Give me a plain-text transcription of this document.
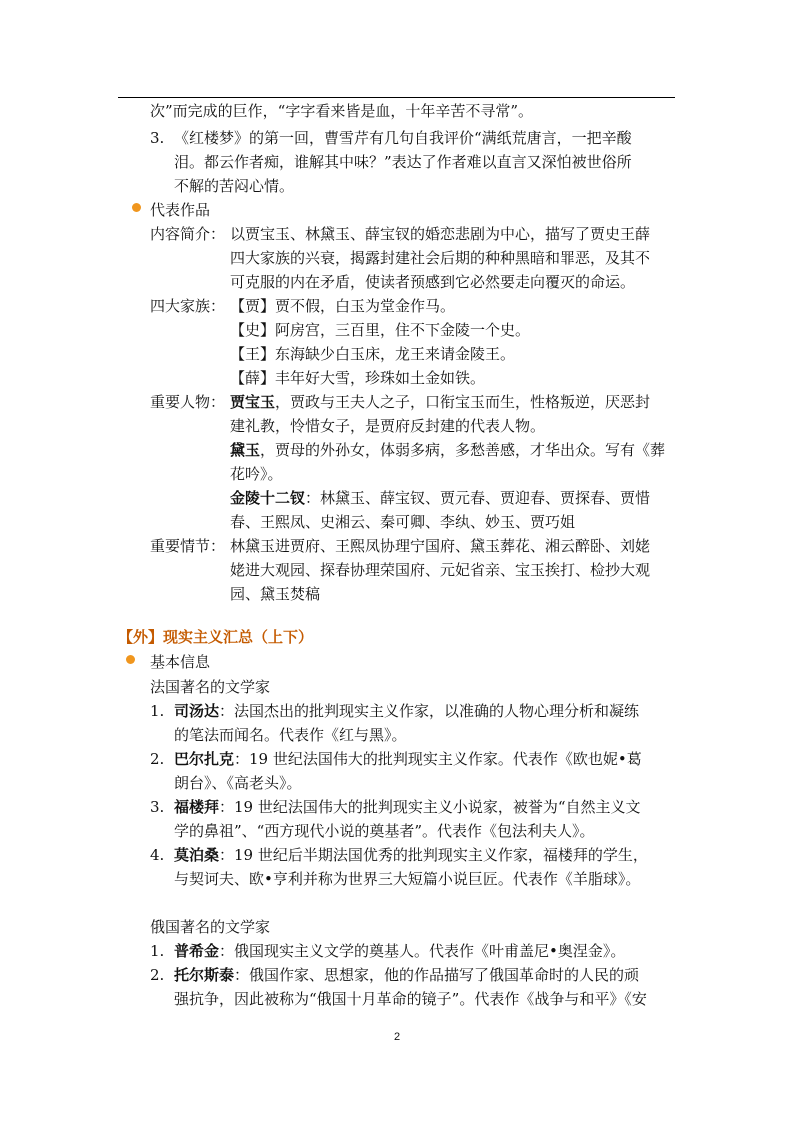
次”而完成的巨作，“字字看来皆是血，十年辛苦不寻常”。
3. 《红楼梦》的第一回，曹雪芹有几句自我评价“满纸荒唐言，一把辛酸
泪。都云作者痴，谁解其中味？”表达了作者难以直言又深怕被世俗所
不解的苦闷心情。
代表作品
内容简介： 以贾宝玉、林黛玉、薛宝钗的婚恋悲剧为中心，描写了贾史王薛
四大家族的兴衰，揭露封建社会后期的种种黑暗和罪恶，及其不
可克服的内在矛盾，使读者预感到它必然要走向覆灭的命运。
四大家族： 【贾】贾不假，白玉为堂金作马。
【史】阿房宫，三百里，住不下金陵一个史。
【王】东海缺少白玉床，龙王来请金陵王。
【薛】丰年好大雪，珍珠如土金如铁。
重要人物： 贾宝玉，贾政与王夫人之子，口衔宝玉而生，性格叛逆，厌恶封
建礼教，怜惜女子，是贾府反封建的代表人物。
黛玉，贾母的外孙女，体弱多病，多愁善感，才华出众。写有《葬
花吟》。
金陵十二钗：林黛玉、薛宝钗、贾元春、贾迎春、贾探春、贾惜
春、王熙凤、史湘云、秦可卿、李纨、妙玉、贾巧姐
重要情节： 林黛玉进贾府、王熙凤协理宁国府、黛玉葬花、湘云醉卧、刘姥
姥进大观园、探春协理荣国府、元妃省亲、宝玉挨打、检抄大观
园、黛玉焚稿
【外】现实主义汇总（上下）
基本信息
法国著名的文学家
1. 司汤达：法国杰出的批判现实主义作家，以准确的人物心理分析和凝练
的笔法而闻名。代表作《红与黑》。
2. 巴尔扎克：19 世纪法国伟大的批判现实主义作家。代表作《欧也妮•葛
朗台》、《高老头》。
3. 福楼拜：19 世纪法国伟大的批判现实主义小说家，被誉为“自然主义文
学的鼻祖”、“西方现代小说的奠基者”。代表作《包法利夫人》。
4. 莫泊桑：19 世纪后半期法国优秀的批判现实主义作家，福楼拜的学生，
与契诃夫、欧•亨利并称为世界三大短篇小说巨匠。代表作《羊脂球》。
俄国著名的文学家
1. 普希金：俄国现实主义文学的奠基人。代表作《叶甫盖尼•奥涅金》。
2. 托尔斯泰：俄国作家、思想家，他的作品描写了俄国革命时的人民的顽
强抗争，因此被称为“俄国十月革命的镜子”。代表作《战争与和平》《安
2
